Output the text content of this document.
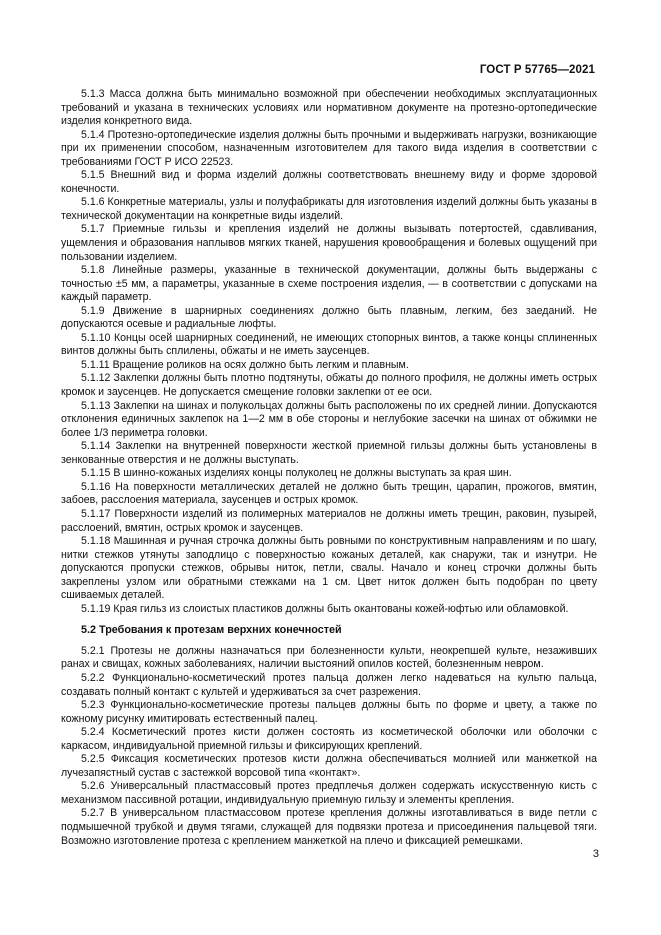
ГОСТ Р 57765—2021

5.1.3 Масса должна быть минимально возможной при обеспечении необходимых эксплуатационных требований и указана в технических условиях или нормативном документе на протезно-ортопедические изделия конкретного вида.

5.1.4 Протезно-ортопедические изделия должны быть прочными и выдерживать нагрузки, возникающие при их применении способом, назначенным изготовителем для такого вида изделия в соответствии с требованиями ГОСТ Р ИСО 22523.

5.1.5 Внешний вид и форма изделий должны соответствовать внешнему виду и форме здоровой конечности.

5.1.6 Конкретные материалы, узлы и полуфабрикаты для изготовления изделий должны быть указаны в технической документации на конкретные виды изделий.

5.1.7 Приемные гильзы и крепления изделий не должны вызывать потертостей, сдавливания, ущемления и образования наплывов мягких тканей, нарушения кровообращения и болевых ощущений при пользовании изделием.

5.1.8 Линейные размеры, указанные в технической документации, должны быть выдержаны с точностью ±5 мм, а параметры, указанные в схеме построения изделия, — в соответствии с допусками на каждый параметр.

5.1.9 Движение в шарнирных соединениях должно быть плавным, легким, без заеданий. Не допускаются осевые и радиальные люфты.

5.1.10 Концы осей шарнирных соединений, не имеющих стопорных винтов, а также концы сплиненных винтов должны быть сплилены, обжаты и не иметь заусенцев.

5.1.11 Вращение роликов на осях должно быть легким и плавным.

5.1.12 Заклепки должны быть плотно подтянуты, обжаты до полного профиля, не должны иметь острых кромок и заусенцев. Не допускается смещение головки заклепки от ее оси.

5.1.13 Заклепки на шинах и полукольцах должны быть расположены по их средней линии. Допускаются отклонения единичных заклепок на 1—2 мм в обе стороны и неглубокие засечки на шинах от обжимки не более 1/3 периметра головки.

5.1.14 Заклепки на внутренней поверхности жесткой приемной гильзы должны быть установлены в зенкованные отверстия и не должны выступать.

5.1.15 В шинно-кожаных изделиях концы полуколец не должны выступать за края шин.

5.1.16 На поверхности металлических деталей не должно быть трещин, царапин, прожогов, вмятин, забоев, расслоения материала, заусенцев и острых кромок.

5.1.17 Поверхности изделий из полимерных материалов не должны иметь трещин, раковин, пузырей, расслоений, вмятин, острых кромок и заусенцев.

5.1.18 Машинная и ручная строчка должны быть ровными по конструктивным направлениям и по шагу, нитки стежков утянуты заподлицо с поверхностью кожаных деталей, как снаружи, так и изнутри. Не допускаются пропуски стежков, обрывы ниток, петли, свалы. Начало и конец строчки должны быть закреплены узлом или обратными стежками на 1 см. Цвет ниток должен быть подобран по цвету сшиваемых деталей.

5.1.19 Края гильз из слоистых пластиков должны быть окантованы кожей-юфтью или обламовкой.

5.2 Требования к протезам верхних конечностей

5.2.1 Протезы не должны назначаться при болезненности культи, неокрепшей культе, незаживших ранах и свищах, кожных заболеваниях, наличии выстояний опилов костей, болезненным невром.

5.2.2 Функционально-косметический протез пальца должен легко надеваться на культю пальца, создавать полный контакт с культей и удерживаться за счет разрежения.

5.2.3 Функционально-косметические протезы пальцев должны быть по форме и цвету, а также по кожному рисунку имитировать естественный палец.

5.2.4 Косметический протез кисти должен состоять из косметической оболочки или оболочки с каркасом, индивидуальной приемной гильзы и фиксирующих креплений.

5.2.5 Фиксация косметических протезов кисти должна обеспечиваться молнией или манжеткой на лучезапястный сустав с застежкой ворсовой типа «контакт».

5.2.6 Универсальный пластмассовый протез предплечья должен содержать искусственную кисть с механизмом пассивной ротации, индивидуальную приемную гильзу и элементы крепления.

5.2.7 В универсальном пластмассовом протезе крепления должны изготавливаться в виде петли с подмышечной трубкой и двумя тягами, служащей для подвязки протеза и присоединения пальцевой тяги. Возможно изготовление протеза с креплением манжеткой на плечо и фиксацией ремешками.

3
